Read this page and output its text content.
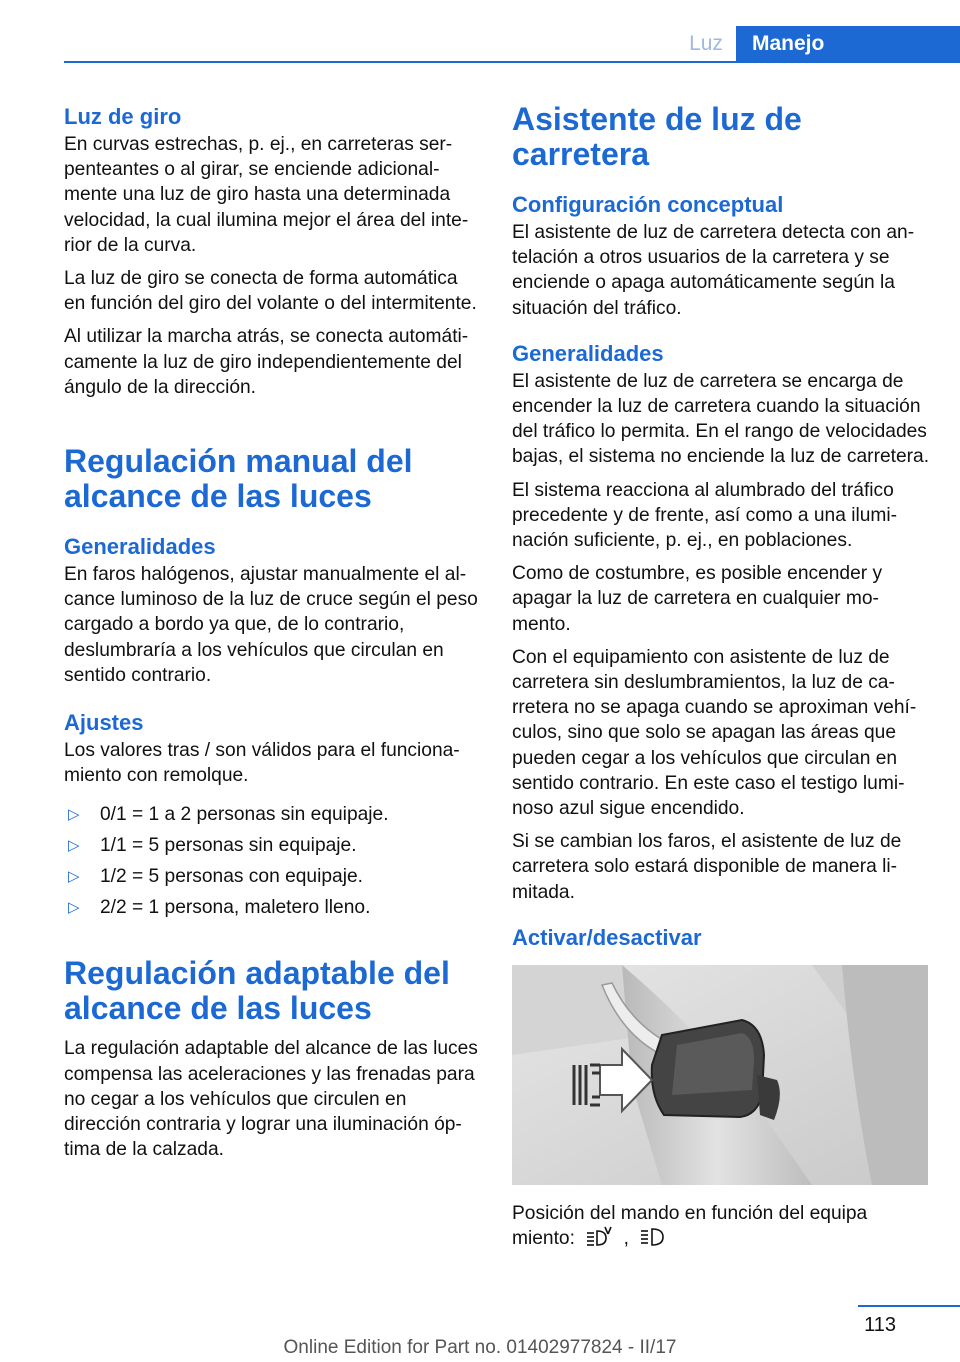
Luz	Manejo
Luz de giro

En curvas estrechas, p. ej., en carreteras serpenteantes o al girar, se enciende adicionalmente una luz de giro hasta una determinada velocidad, la cual ilumina mejor el área del interior de la curva.

La luz de giro se conecta de forma automática en función del giro del volante o del intermitente.

Al utilizar la marcha atrás, se conecta automáticamente la luz de giro independientemente del ángulo de la dirección.

Regulación manual del alcance de las luces
Generalidades

En faros halógenos, ajustar manualmente el alcance luminoso de la luz de cruce según el peso cargado a bordo ya que, de lo contrario, deslumbraría a los vehículos que circulan en sentido contrario.

Ajustes

Los valores tras / son válidos para el funcionamiento con remolque.

▷ 0/1 = 1 a 2 personas sin equipaje.
▷ 1/1 = 5 personas sin equipaje.
▷ 1/2 = 5 personas con equipaje.
▷ 2/2 = 1 persona, maletero lleno.
Regulación adaptable del alcance de las luces

La regulación adaptable del alcance de las luces compensa las aceleraciones y las frenadas para no cegar a los vehículos que circulen en dirección contraria y lograr una iluminación óptima de la calzada.

Asistente de luz de carretera
Configuración conceptual

El asistente de luz de carretera detecta con antelación a otros usuarios de la carretera y se enciende o apaga automáticamente según la situación del tráfico.

Generalidades

El asistente de luz de carretera se encarga de encender la luz de carretera cuando la situación del tráfico lo permita. En el rango de velocidades bajas, el sistema no enciende la luz de carretera.

El sistema reacciona al alumbrado del tráfico precedente y de frente, así como a una iluminación suficiente, p. ej., en poblaciones.

Como de costumbre, es posible encender y apagar la luz de carretera en cualquier momento.

Con el equipamiento con asistente de luz de carretera sin deslumbramientos, la luz de carretera no se apaga cuando se aproximan vehículos, sino que solo se apagan las áreas que pueden cegar a los vehículos que circulan en sentido contrario. En este caso el testigo luminoso azul sigue encendido.

Si se cambian los faros, el asistente de luz de carretera solo estará disponible de manera limitada.

Activar/desactivar

Posición del mando en función del equipa

miento:	,

113
Online Edition for Part no. 01402977824 - II/17
